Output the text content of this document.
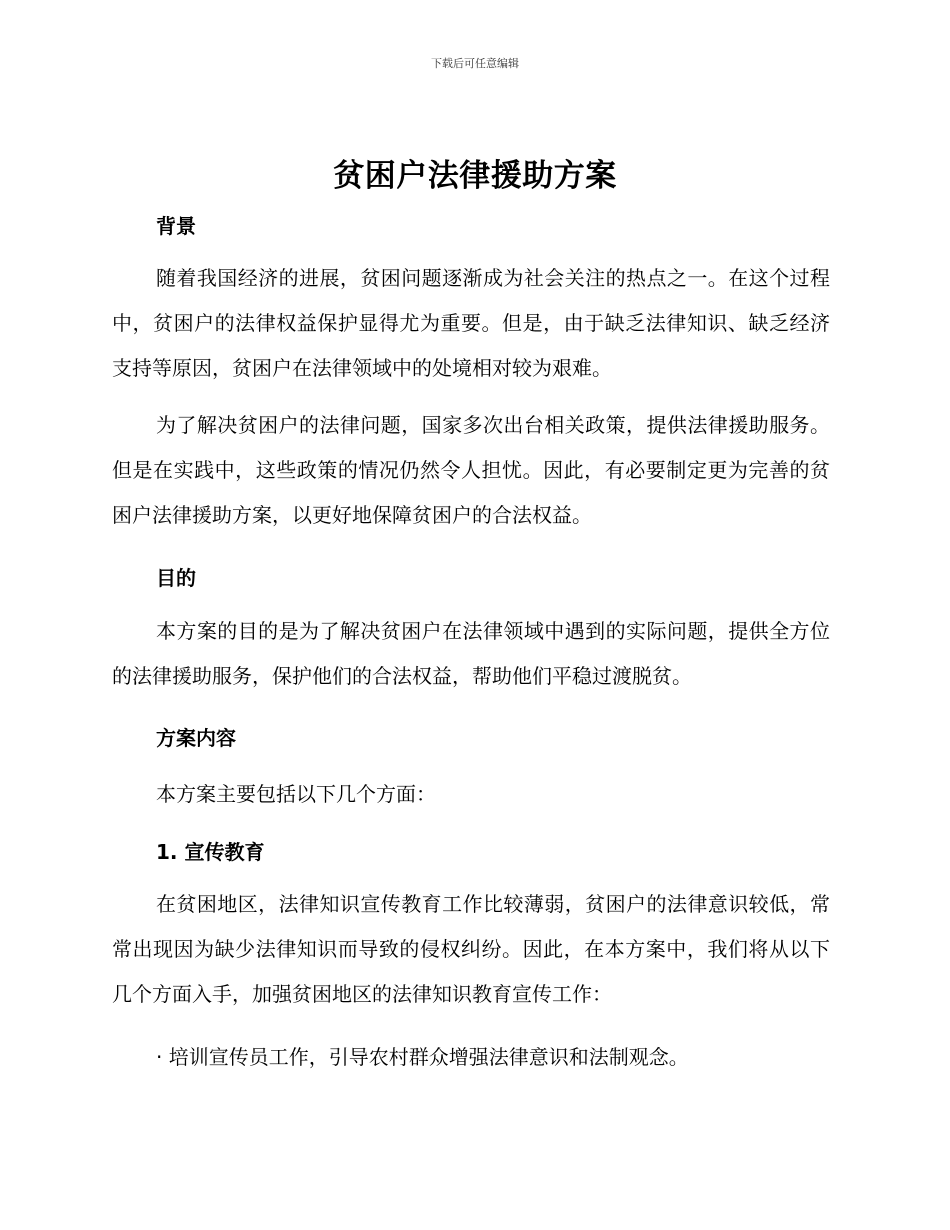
下载后可任意编辑
贫困户法律援助方案
背景
随着我国经济的进展，贫困问题逐渐成为社会关注的热点之一。在这个过程中，贫困户的法律权益保护显得尤为重要。但是，由于缺乏法律知识、缺乏经济支持等原因，贫困户在法律领域中的处境相对较为艰难。
为了解决贫困户的法律问题，国家多次出台相关政策，提供法律援助服务。但是在实践中，这些政策的情况仍然令人担忧。因此，有必要制定更为完善的贫困户法律援助方案，以更好地保障贫困户的合法权益。
目的
本方案的目的是为了解决贫困户在法律领域中遇到的实际问题，提供全方位的法律援助服务，保护他们的合法权益，帮助他们平稳过渡脱贫。
方案内容
本方案主要包括以下几个方面：
1. 宣传教育
在贫困地区，法律知识宣传教育工作比较薄弱，贫困户的法律意识较低，常常出现因为缺少法律知识而导致的侵权纠纷。因此，在本方案中，我们将从以下几个方面入手，加强贫困地区的法律知识教育宣传工作：
· 培训宣传员工作，引导农村群众增强法律意识和法制观念。
